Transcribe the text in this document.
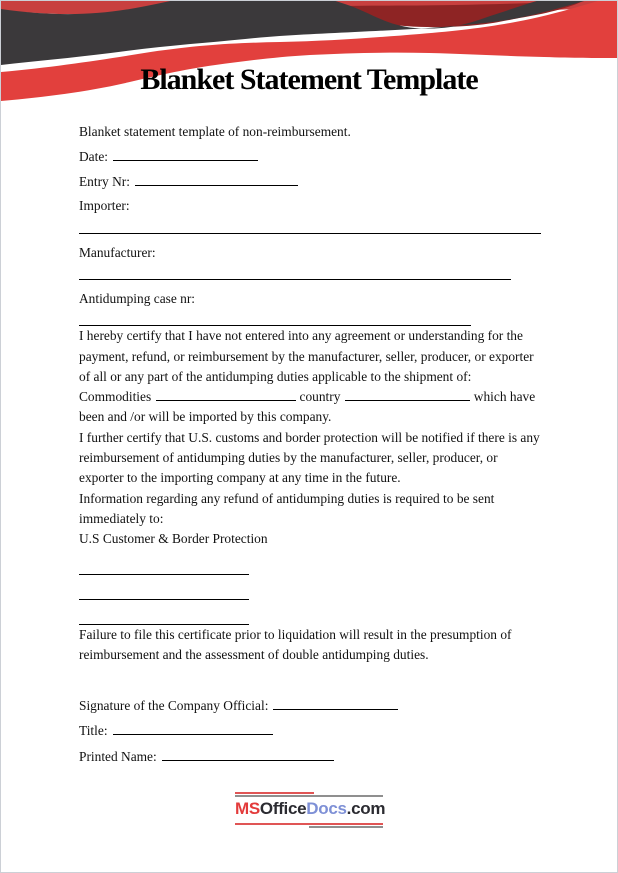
Blanket Statement Template

Blanket statement template of non-reimbursement.

Date:
Entry Nr:
Importer:
Manufacturer:
Antidumping case nr:

I hereby certify that I have not entered into any agreement or understanding for the payment, refund, or reimbursement by the manufacturer, seller, producer, or exporter of all or any part of the antidumping duties applicable to the shipment of:

Commodities	country	which have been and /or will be imported by this company.

I further certify that U.S. customs and border protection will be notified if there is any reimbursement of antidumping duties by the manufacturer, seller, producer, or exporter to the importing company at any time in the future.

Information regarding any refund of antidumping duties is required to be sent immediately to:

U.S Customer & Border Protection

Failure to file this certificate prior to liquidation will result in the presumption of reimbursement and the assessment of double antidumping duties.

Signature of the Company Official:
Title:
Printed Name:
MSOfficeDocs.com
